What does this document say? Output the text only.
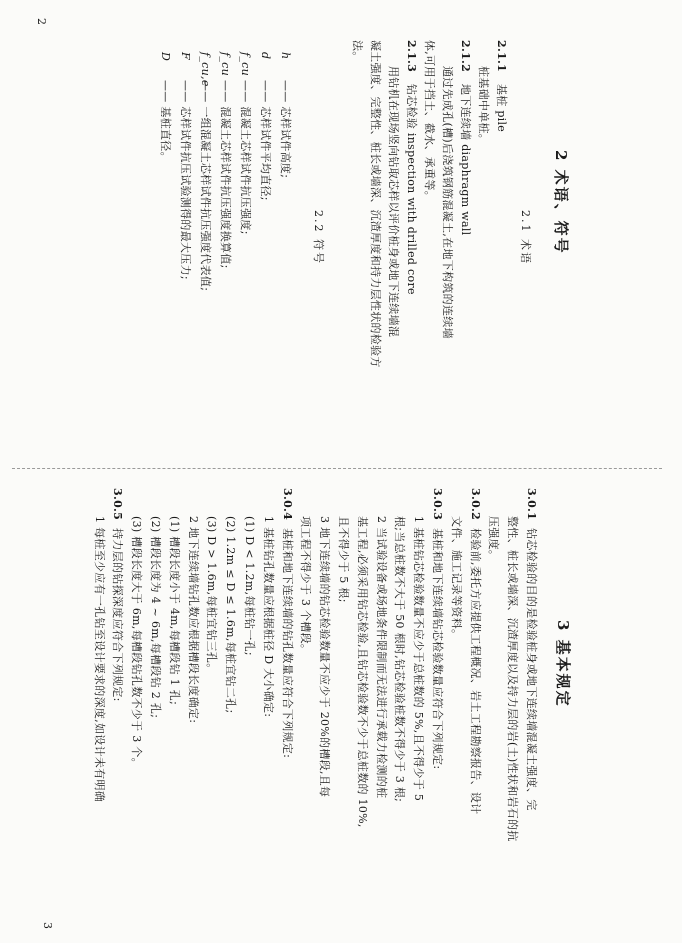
2 术语、符号
2.1 术语
2.1.1 基桩 pile
桩基础中单桩。
2.1.2 地下连续墙 diaphragm wall
通过先成孔(槽)后浇筑钢筋混凝土,在地下构筑的连续墙
体,可用于挡土、截水、承重等。
2.1.3 钻芯检验 inspection with drilled core
用钻机在现场竖向钻取芯样以评价桩身或地下连续墙混
凝土强度、完整性、桩长或墙深、沉渣厚度和持力层性状的检验方
法。
2.2 符号
h—— 芯样试件高度;
d—— 芯样试件平均直径;
f_cu—— 混凝土芯样试件抗压强度;
f_cu—— 混凝土芯样试件抗压强度换算值;
f_cu,e—— 一组混凝土芯样试件抗压强度代表值;
F—— 芯样试件抗压试验测得的最大压力;
D—— 基桩直径。
2
3 基本规定
3.0.1钻芯检验的目的是检验桩身或地下连续墙混凝土强度、完
整性、桩长或墙深、沉渣厚度以及持力层的岩(土)性状和岩石的抗
压强度。
3.0.2检验前,委托方应提供工程概况、岩土工程勘察报告、设计
文件、施工记录等资料。
3.0.3基桩和地下连续墙钻芯检验数量应符合下列规定:
1 基桩钻芯检验数量不应少于总桩数的 5%,且不得少于 5
根;当总桩数不大于 50 根时,钻芯检验桩数不得少于 3 根;
2 当试验设备或场地条件限制而无法进行承载力检测的桩
基工程,必须采用钻芯检验,且钻芯检验数不少于总桩数的 10%,
且不得少于 5 根;
3 地下连续墙的钻芯检验数量不应少于 20%的槽段,且每
项工程不得少于 3 个槽段。
3.0.4基桩和地下连续墙的钻孔数量应符合下列规定:
1 基桩钻孔数量应根据桩径 D 大小确定:
(1) D < 1.2m,每桩钻一孔;
(2) 1.2m ≤ D ≤ 1.6m,每桩宜钻二孔;
(3) D > 1.6m,每桩宜钻三孔。
2 地下连续墙钻孔数应根据槽段长度确定:
(1) 槽段长度小于 4m,每槽段钻 1 孔;
(2) 槽段长度为 4 ~ 6m,每槽段钻 2 孔;
(3) 槽段长度大于 6m,每槽段钻孔数不少于 3 个。
3.0.5持力层的钻探深度应符合下列规定:
1 每桩至少应有一孔钻至设计要求的深度,如设计未有明确
3
